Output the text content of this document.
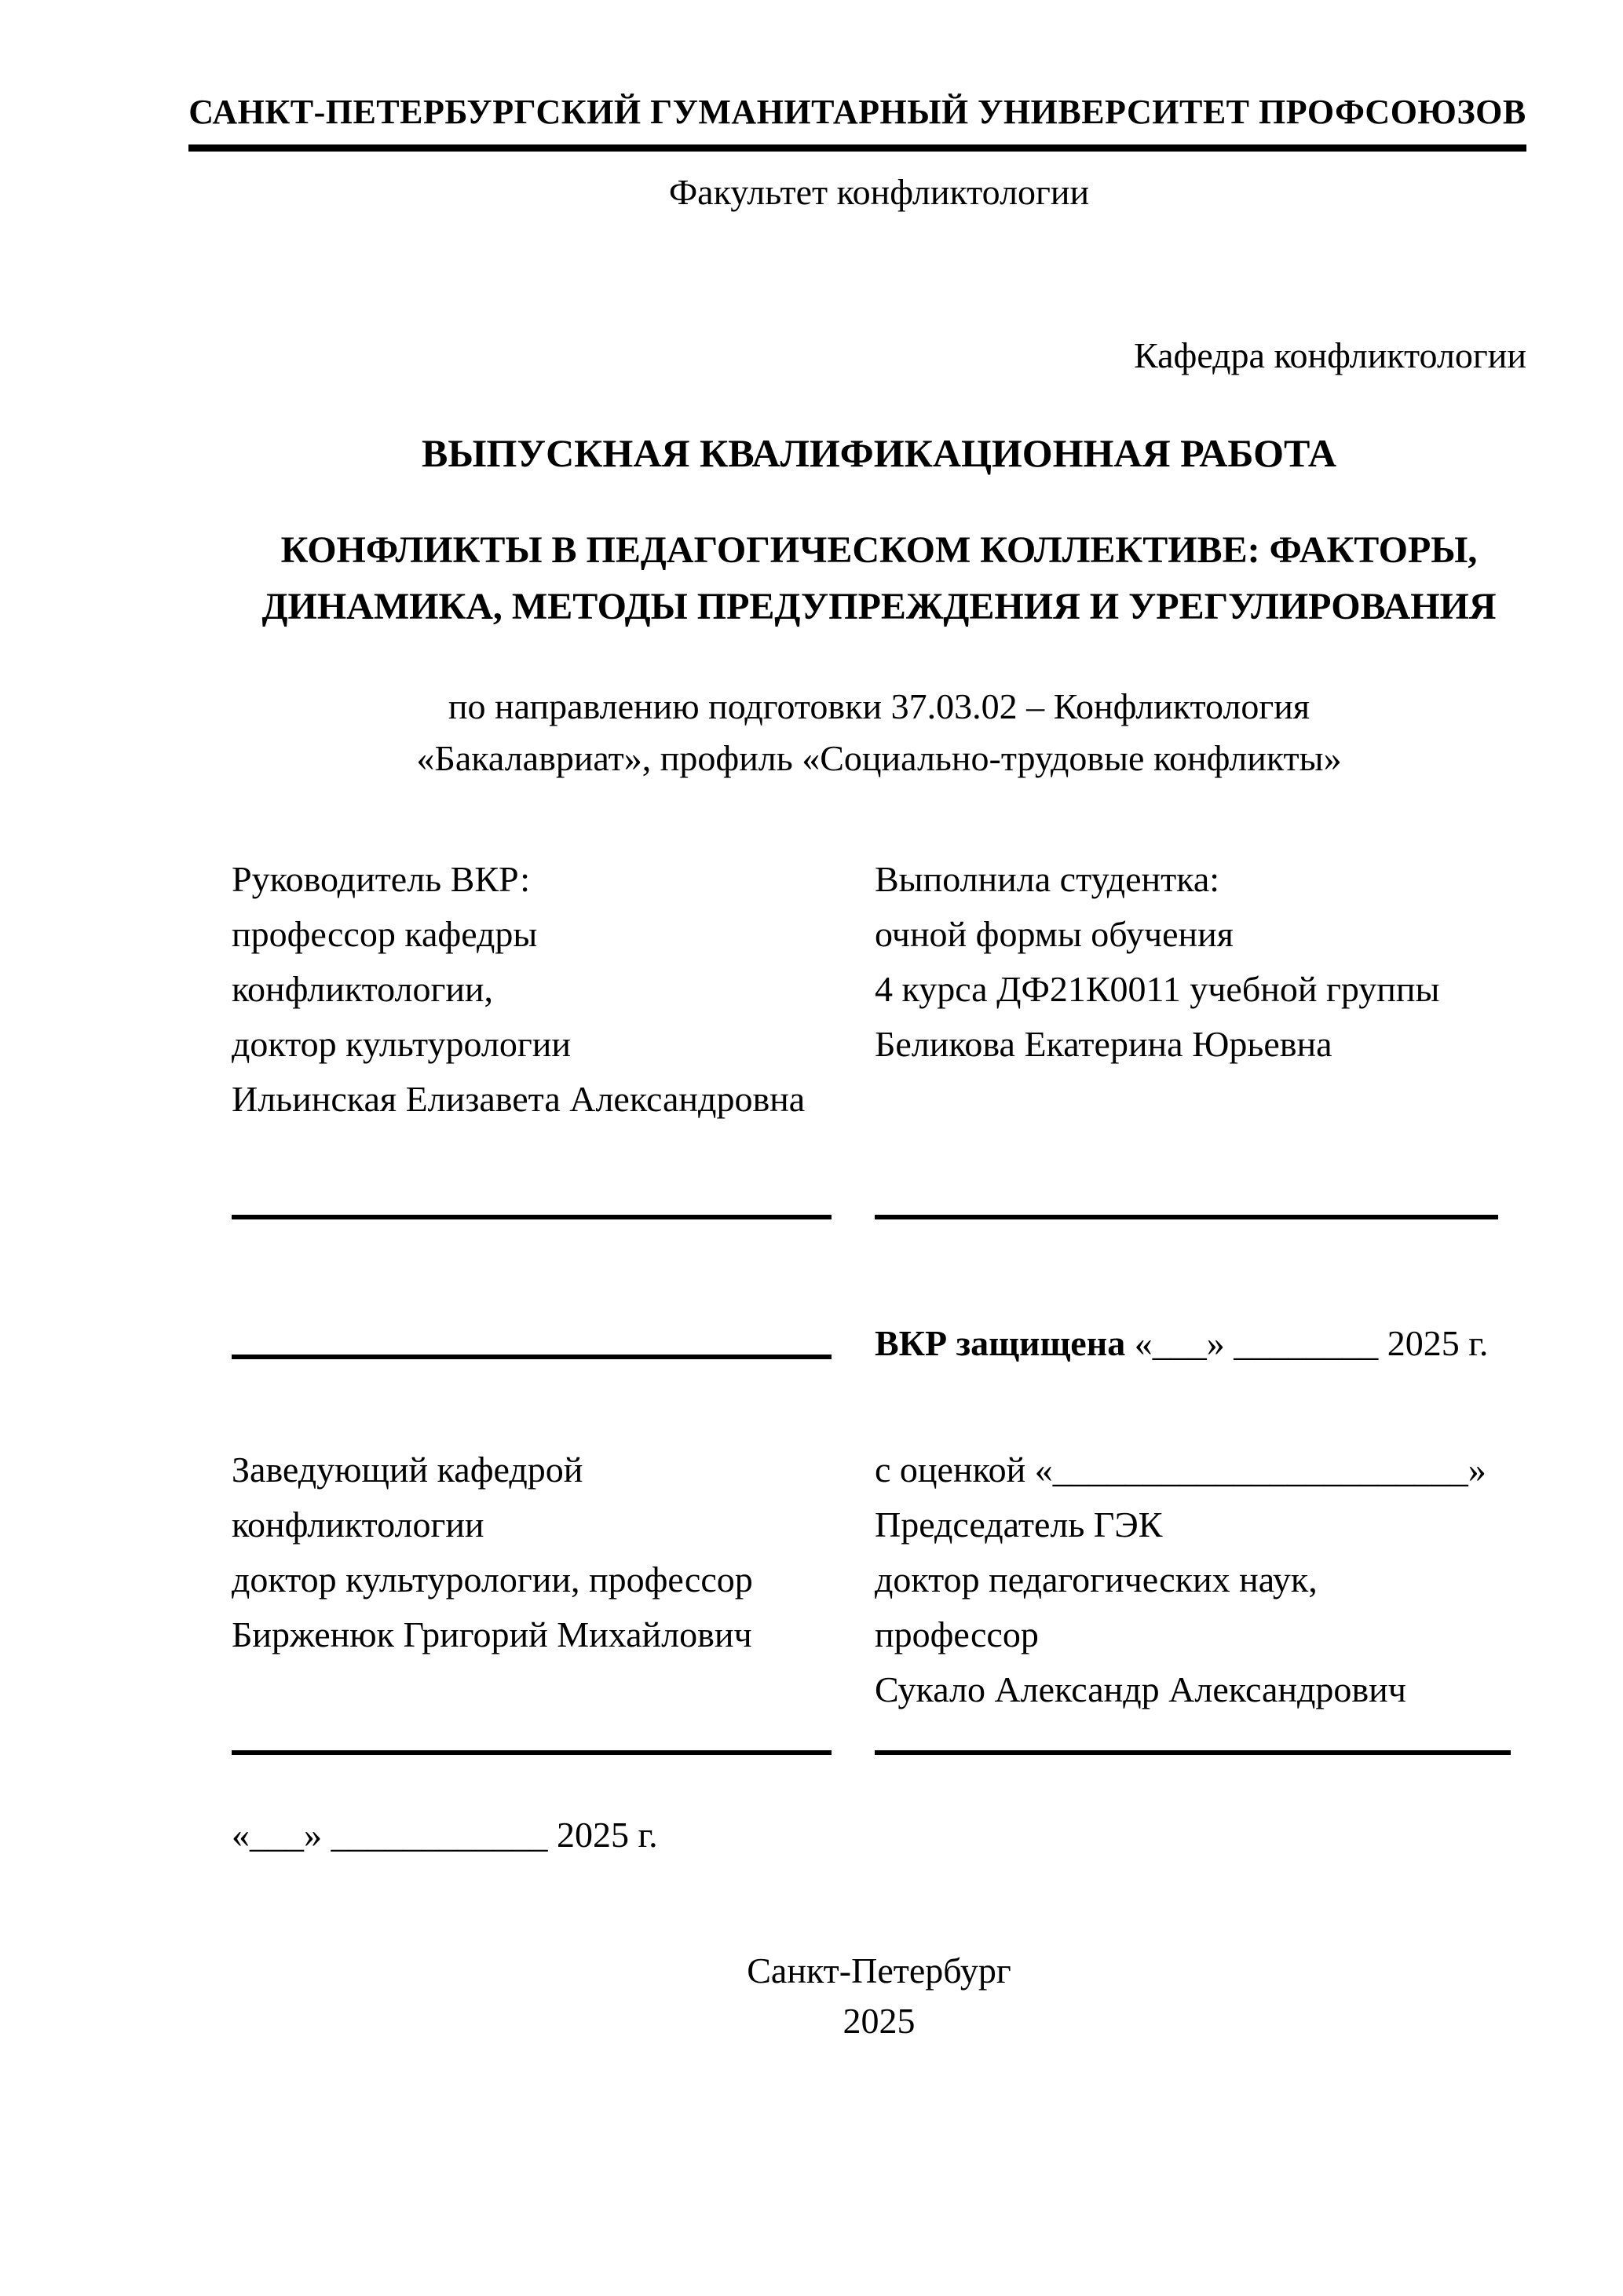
САНКТ-ПЕТЕРБУРГСКИЙ ГУМАНИТАРНЫЙ УНИВЕРСИТЕТ ПРОФСОЮЗОВ
Факультет конфликтологии
Кафедра конфликтологии
ВЫПУСКНАЯ КВАЛИФИКАЦИОННАЯ РАБОТА
КОНФЛИКТЫ В ПЕДАГОГИЧЕСКОМ КОЛЛЕКТИВЕ: ФАКТОРЫ,
ДИНАМИКА, МЕТОДЫ ПРЕДУПРЕЖДЕНИЯ И УРЕГУЛИРОВАНИЯ
по направлению подготовки 37.03.02 – Конфликтология
«Бакалавриат», профиль «Социально-трудовые конфликты»
Руководитель ВКР:
профессор кафедры
конфликтологии,
доктор культурологии
Ильинская Елизавета Александровна
Выполнила студентка:
очной формы обучения
4 курса ДФ21К0011 учебной группы
Беликова Екатерина Юрьевна
ВКР защищена «___» ________ 2025 г.
Заведующий кафедрой
конфликтологии
доктор культурологии, профессор
Бирженюк Григорий Михайлович
с оценкой «_______________________»
Председатель ГЭК
доктор педагогических наук,
профессор
Сукало Александр Александрович
«___» ____________ 2025 г.
Санкт-Петербург
2025
